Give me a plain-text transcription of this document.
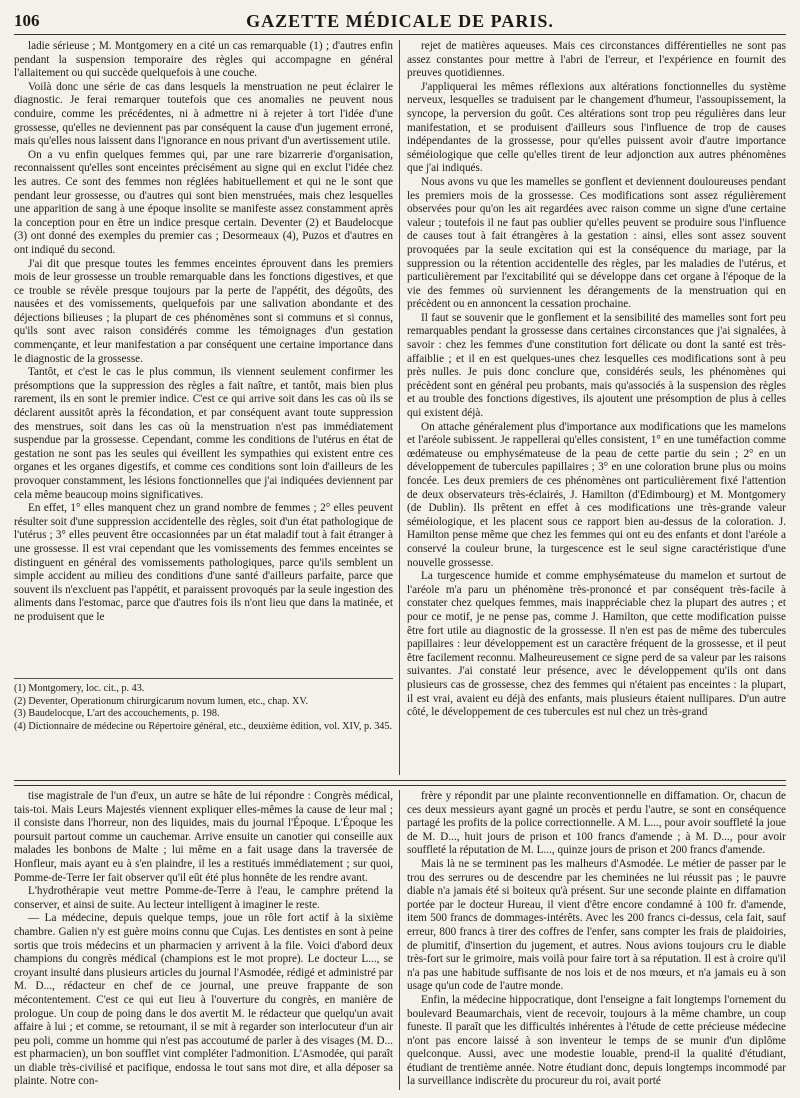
106	GAZETTE MÉDICALE DE PARIS.

ladie sérieuse ; M. Montgomery en a cité un cas remarquable (1) ; d'autres enfin pendant la suspension temporaire des règles qui accompagne en général l'allaitement ou qui succède quelquefois à une couche.

Voilà donc une série de cas dans lesquels la menstruation ne peut éclairer le diagnostic. Je ferai remarquer toutefois que ces anomalies ne peuvent nous conduire, comme les précédentes, ni à admettre ni à rejeter à tort l'idée d'une grossesse, qu'elles ne deviennent pas par conséquent la cause d'un jugement erroné, mais qu'elles nous laissent dans l'ignorance en nous privant d'un avertissement utile.

On a vu enfin quelques femmes qui, par une rare bizarrerie d'organisation, reconnaissent qu'elles sont enceintes précisément au signe qui en exclut l'idée chez les autres. Ce sont des femmes non réglées habituellement et qui ne le sont que pendant leur grossesse, ou d'autres qui sont bien menstruées, mais chez lesquelles une apparition de sang à une époque insolite se manifeste assez constamment après la conception pour en être un indice presque certain. Deventer (2) et Baudelocque (3) ont donné des exemples du premier cas ; Desormeaux (4), Puzos et d'autres en ont indiqué du second.

J'ai dit que presque toutes les femmes enceintes éprouvent dans les premiers mois de leur grossesse un trouble remarquable dans les fonctions digestives, et que ce trouble se révèle presque toujours par la perte de l'appétit, des dégoûts, des nausées et des vomissements, quelquefois par une salivation abondante et des déjections bilieuses ; la plupart de ces phénomènes sont si communs et si connus, qu'ils sont avec raison considérés comme les témoignages d'un gestation commençante, et leur manifestation a par conséquent une certaine importance dans le diagnostic de la grossesse.

Tantôt, et c'est le cas le plus commun, ils viennent seulement confirmer les présomptions que la suppression des règles a fait naître, et tantôt, mais bien plus rarement, ils en sont le premier indice. C'est ce qui arrive soit dans les cas où ils se déclarent aussitôt après la fécondation, et par conséquent avant toute suppression des menstrues, soit dans les cas où la menstruation n'est pas immédiatement suspendue par la grossesse. Cependant, comme les conditions de l'utérus en état de gestation ne sont pas les seules qui éveillent les sympathies qui existent entre ces organes et les organes digestifs, et comme ces conditions sont loin d'ailleurs de les provoquer constamment, les lésions fonctionnelles que j'ai indiquées deviennent par cela même beaucoup moins significatives.

En effet, 1° elles manquent chez un grand nombre de femmes ; 2° elles peuvent résulter soit d'une suppression accidentelle des règles, soit d'un état pathologique de l'utérus ; 3° elles peuvent être occasionnées par un état maladif tout à fait étranger à une grossesse. Il est vrai cependant que les vomissements des femmes enceintes se distinguent en général des vomissements pathologiques, parce qu'ils semblent un simple accident au milieu des conditions d'une santé d'ailleurs parfaite, parce que souvent ils n'excluent pas l'appétit, et paraissent provoqués par la seule ingestion des aliments dans l'estomac, parce que d'autres fois ils n'ont lieu que dans la matinée, et ne produisent que le

(1) Montgomery, loc. cit., p. 43.

(2) Deventer, Operationum chirurgicarum novum lumen, etc., chap. XV.

(3) Baudelocque, L'art des accouchements, p. 198.

(4) Dictionnaire de médecine ou Répertoire général, etc., deuxième édition, vol. XIV, p. 345.

rejet de matières aqueuses. Mais ces circonstances différentielles ne sont pas assez constantes pour mettre à l'abri de l'erreur, et l'expérience en fournit des preuves quotidiennes.

J'appliquerai les mêmes réflexions aux altérations fonctionnelles du système nerveux, lesquelles se traduisent par le changement d'humeur, l'assoupissement, la syncope, la perversion du goût. Ces altérations sont trop peu régulières dans leur manifestation, et se produisent d'ailleurs sous l'influence de trop de causes indépendantes de la grossesse, pour qu'elles puissent avoir d'autre importance séméiologique que celle qu'elles tirent de leur adjonction aux autres phénomènes que j'ai indiqués.

Nous avons vu que les mamelles se gonflent et deviennent douloureuses pendant les premiers mois de la grossesse. Ces modifications sont assez régulièrement observées pour qu'on les ait regardées avec raison comme un signe d'une certaine valeur ; toutefois il ne faut pas oublier qu'elles peuvent se produire sous l'influence de causes tout à fait étrangères à la gestation : ainsi, elles sont assez souvent provoquées par la seule excitation qui est la conséquence du mariage, par la suppression ou la rétention accidentelle des règles, par les maladies de l'utérus, et particulièrement par l'excitabilité qui se développe dans cet organe à l'époque de la vie des femmes où surviennent les dérangements de la menstruation qui en précèdent ou en annoncent la cessation prochaine.

Il faut se souvenir que le gonflement et la sensibilité des mamelles sont fort peu remarquables pendant la grossesse dans certaines circonstances que j'ai signalées, à savoir : chez les femmes d'une constitution fort délicate ou dont la santé est très-affaiblie ; et il en est quelques-unes chez lesquelles ces modifications sont à peu près nulles. Je puis donc conclure que, considérés seuls, les phénomènes qui précèdent sont en général peu probants, mais qu'associés à la suspension des règles et au trouble des fonctions digestives, ils ajoutent une présomption de plus à celles qui existent déjà.

On attache généralement plus d'importance aux modifications que les mamelons et l'aréole subissent. Je rappellerai qu'elles consistent, 1° en une tuméfaction comme œdémateuse ou emphysémateuse de la peau de cette partie du sein ; 2° en un développement de tubercules papillaires ; 3° en une coloration brune plus ou moins foncée. Les deux premiers de ces phénomènes ont particulièrement fixé l'attention de deux observateurs très-éclairés, J. Hamilton (d'Edimbourg) et M. Montgomery (de Dublin). Ils prêtent en effet à ces modifications une très-grande valeur séméiologique, et les placent sous ce rapport bien au-dessus de la coloration. J. Hamilton pense même que chez les femmes qui ont eu des enfants et dont l'aréole a conservé la couleur brune, la turgescence est le seul signe caractéristique d'une nouvelle grossesse.

La turgescence humide et comme emphysémateuse du mamelon et surtout de l'aréole m'a paru un phénomène très-prononcé et par conséquent très-facile à constater chez quelques femmes, mais inappréciable chez la plupart des autres ; et pour ce motif, je ne pense pas, comme J. Hamilton, que cette modification puisse être fort utile au diagnostic de la grossesse. Il n'en est pas de même des tubercules papillaires : leur développement est un caractère fréquent de la grossesse, et il peut être facilement reconnu. Malheureusement ce signe perd de sa valeur par les raisons suivantes. J'ai constaté leur présence, avec le développement qu'ils ont dans plusieurs cas de grossesse, chez des femmes qui n'étaient pas enceintes : la plupart, il est vrai, avaient eu déjà des enfants, mais plusieurs étaient nullipares. D'un autre côté, le développement de ces tubercules est nul chez un très-grand

tise magistrale de l'un d'eux, un autre se hâte de lui répondre : Congrès médical, tais-toi. Mais Leurs Majestés viennent expliquer elles-mêmes la cause de leur mal ; il consiste dans l'horreur, non des liquides, mais du journal l'Époque. L'Époque les poursuit partout comme un cauchemar. Arrive ensuite un canotier qui conseille aux malades les bonbons de Malte ; lui même en a fait usage dans la traversée de Honfleur, mais ayant eu à s'en plaindre, il les a restitués immédiatement ; sur quoi, Pomme-de-Terre Ier fait observer qu'il eût été plus honnête de les rendre avant.

L'hydrothérapie veut mettre Pomme-de-Terre à l'eau, le camphre prétend la conserver, et ainsi de suite. Au lecteur intelligent à imaginer le reste.

— La médecine, depuis quelque temps, joue un rôle fort actif à la sixième chambre. Galien n'y est guère moins connu que Cujas. Les dentistes en sont à peine sortis que trois médecins et un pharmacien y arrivent à la file. Voici d'abord deux champions du congrès médical (champions est le mot propre). Le docteur L..., se croyant insulté dans plusieurs articles du journal l'Asmodée, rédigé et administré par M. D..., rédacteur en chef de ce journal, une preuve frappante de son mécontentement. C'est ce qui eut lieu à l'ouverture du congrès, en manière de prologue. Un coup de poing dans le dos avertit M. le rédacteur que quelqu'un avait affaire à lui ; et comme, se retournant, il se mit à regarder son interlocuteur d'un air peu poli, comme un homme qui n'est pas accoutumé de parler à des visages (M. D... est pharmacien), un bon soufflet vint compléter l'admonition. L'Asmodée, qui paraît un diable très-civilisé et pacifique, endossa le tout sans mot dire, et alla déposer sa plainte. Notre con-

frère y répondit par une plainte reconventionnelle en diffamation. Or, chacun de ces deux messieurs ayant gagné un procès et perdu l'autre, se sont en conséquence partagé les profits de la police correctionnelle. A M. L..., pour avoir souffleté la joue de M. D..., huit jours de prison et 100 francs d'amende ; à M. D..., pour avoir souffleté la réputation de M. L..., quinze jours de prison et 200 francs d'amende.

Mais là ne se terminent pas les malheurs d'Asmodée. Le métier de passer par le trou des serrures ou de descendre par les cheminées ne lui réussit pas ; le pauvre diable n'a jamais été si boiteux qu'à présent. Sur une seconde plainte en diffamation portée par le docteur Hureau, il vient d'être encore condamné à 100 fr. d'amende, item 500 francs de dommages-intérêts. Avec les 200 francs ci-dessus, cela fait, sauf erreur, 800 francs à tirer des coffres de l'enfer, sans compter les frais de plaidoiries, de plumitif, d'insertion du jugement, et autres. Nous avions toujours cru le diable très-fort sur le grimoire, mais voilà pour faire tort à sa réputation. Il est à croire qu'il n'a pas une habitude suffisante de nos lois et de nos mœurs, et n'a jamais eu à son usage qu'un code de l'autre monde.

Enfin, la médecine hippocratique, dont l'enseigne a fait longtemps l'ornement du boulevard Beaumarchais, vient de recevoir, toujours à la même chambre, un coup funeste. Il paraît que les difficultés inhérentes à l'étude de cette précieuse médecine n'ont pas encore laissé à son inventeur le temps de se munir d'un diplôme quelconque. Aussi, avec une modestie louable, prend-il la qualité d'étudiant, étudiant de trentième année. Notre étudiant donc, depuis longtemps incommodé par la surveillance indiscrète du procureur du roi, avait porté
